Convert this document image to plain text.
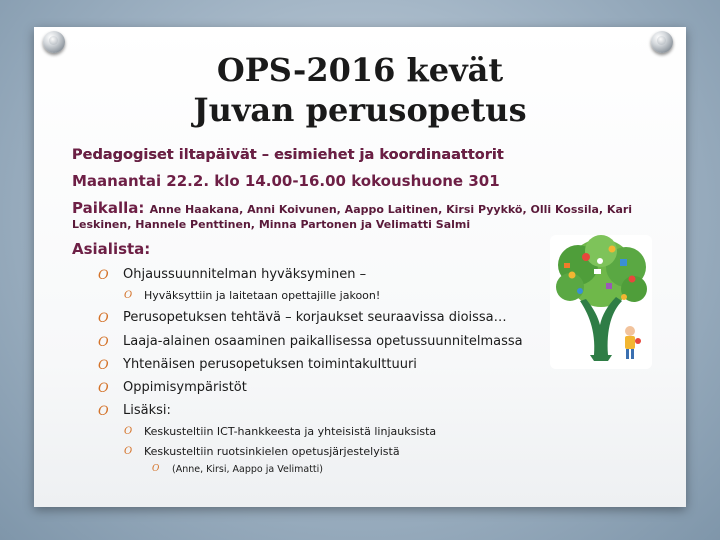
OPS-2016 kevät
Juvan perusopetus
Pedagogiset iltapäivät – esimiehet ja koordinaattorit
Maanantai 22.2. klo 14.00-16.00 kokoushuone 301
Paikalla: Anne Haakana, Anni Koivunen, Aappo Laitinen, Kirsi Pyykkö, Olli Kossila, Kari
Leskinen, Hannele Penttinen, Minna Partonen ja Velimatti Salmi
Asialista:
O Ohjaussuunnitelman hyväksyminen –
O Hyväksyttiin ja laitetaan opettajille jakoon!
O Perusopetuksen tehtävä – korjaukset seuraavissa dioissa…
O Laaja-alainen osaaminen paikallisessa opetussuunnitelmassa
O Yhtenäisen perusopetuksen toimintakulttuuri
O Oppimisympäristöt
O Lisäksi:
O Keskusteltiin ICT-hankkeesta ja yhteisistä linjauksista
O Keskusteltiin ruotsinkielen opetusjärjestelyistä
O (Anne, Kirsi, Aappo ja Velimatti)
